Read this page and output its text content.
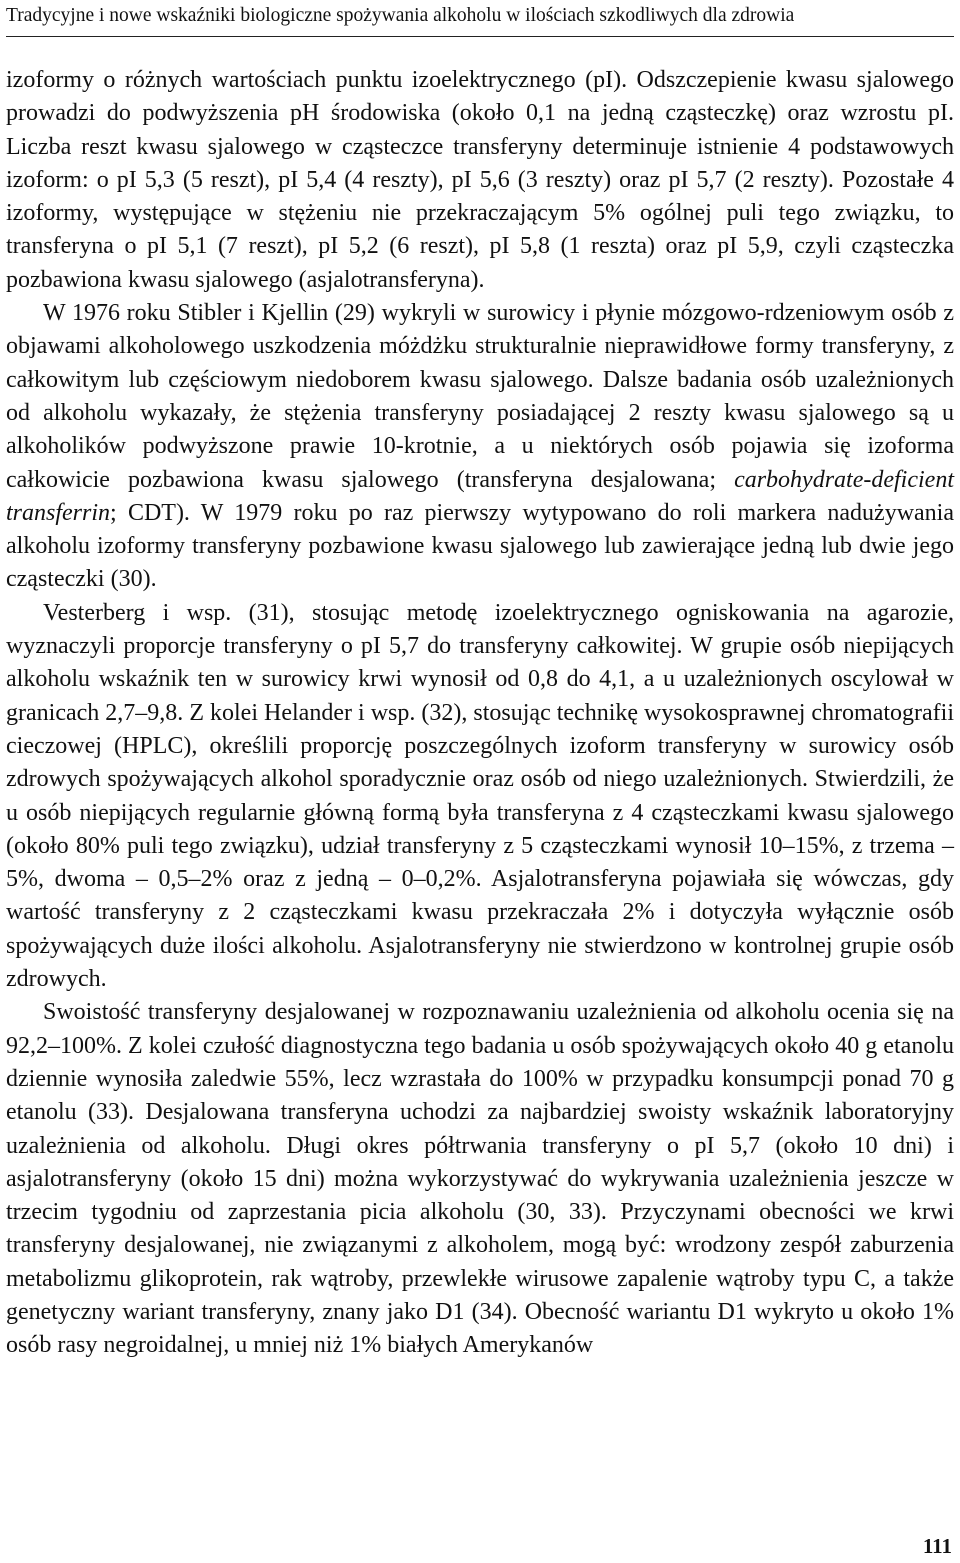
Tradycyjne i nowe wskaźniki biologiczne spożywania alkoholu w ilościach szkodliwych dla zdrowia

izoformy o różnych wartościach punktu izoelektrycznego (pI). Odszczepienie kwasu sjalowego prowadzi do podwyższenia pH środowiska (około 0,1 na jedną cząsteczkę) oraz wzrostu pI. Liczba reszt kwasu sjalowego w cząsteczce transferyny determinuje istnienie 4 podstawowych izoform: o pI 5,3 (5 reszt), pI 5,4 (4 reszty), pI 5,6 (3 reszty) oraz pI 5,7 (2 reszty). Pozostałe 4 izoformy, występujące w stężeniu nie przekraczającym 5% ogólnej puli tego związku, to transferyna o pI 5,1 (7 reszt), pI 5,2 (6 reszt), pI 5,8 (1 reszta) oraz pI 5,9, czyli cząsteczka pozbawiona kwasu sjalowego (asjalotransferyna).

W 1976 roku Stibler i Kjellin (29) wykryli w surowicy i płynie mózgowo-rdzeniowym osób z objawami alkoholowego uszkodzenia móżdżku strukturalnie nieprawidłowe formy transferyny, z całkowitym lub częściowym niedoborem kwasu sjalowego. Dalsze badania osób uzależnionych od alkoholu wykazały, że stężenia transferyny posiadającej 2 reszty kwasu sjalowego są u alkoholików podwyższone prawie 10-krotnie, a u niektórych osób pojawia się izoforma całkowicie pozbawiona kwasu sjalowego (transferyna desjalowana; carbohydrate-deficient transferrin; CDT). W 1979 roku po raz pierwszy wytypowano do roli markera nadużywania alkoholu izoformy transferyny pozbawione kwasu sjalowego lub zawierające jedną lub dwie jego cząsteczki (30).

Vesterberg i wsp. (31), stosując metodę izoelektrycznego ogniskowania na agarozie, wyznaczyli proporcje transferyny o pI 5,7 do transferyny całkowitej. W grupie osób niepijących alkoholu wskaźnik ten w surowicy krwi wynosił od 0,8 do 4,1, a u uzależnionych oscylował w granicach 2,7–9,8. Z kolei Helander i wsp. (32), stosując technikę wysokosprawnej chromatografii cieczowej (HPLC), określili proporcję poszczególnych izoform transferyny w surowicy osób zdrowych spożywających alkohol sporadycznie oraz osób od niego uzależnionych. Stwierdzili, że u osób niepijących regularnie główną formą była transferyna z 4 cząsteczkami kwasu sjalowego (około 80% puli tego związku), udział transferyny z 5 cząsteczkami wynosił 10–15%, z trzema – 5%, dwoma – 0,5–2% oraz z jedną – 0–0,2%. Asjalotransferyna pojawiała się wówczas, gdy wartość transferyny z 2 cząsteczkami kwasu przekraczała 2% i dotyczyła wyłącznie osób spożywających duże ilości alkoholu. Asjalotransferyny nie stwierdzono w kontrolnej grupie osób zdrowych.

Swoistość transferyny desjalowanej w rozpoznawaniu uzależnienia od alkoholu ocenia się na 92,2–100%. Z kolei czułość diagnostyczna tego badania u osób spożywających około 40 g etanolu dziennie wynosiła zaledwie 55%, lecz wzrastała do 100% w przypadku konsumpcji ponad 70 g etanolu (33). Desjalowana transferyna uchodzi za najbardziej swoisty wskaźnik laboratoryjny uzależnienia od alkoholu. Długi okres półtrwania transferyny o pI 5,7 (około 10 dni) i asjalotransferyny (około 15 dni) można wykorzystywać do wykrywania uzależnienia jeszcze w trzecim tygodniu od zaprzestania picia alkoholu (30, 33). Przyczynami obecności we krwi transferyny desjalowanej, nie związanymi z alkoholem, mogą być: wrodzony zespół zaburzenia metabolizmu glikoprotein, rak wątroby, przewlekłe wirusowe zapalenie wątroby typu C, a także genetyczny wariant transferyny, znany jako D1 (34). Obecność wariantu D1 wykryto u około 1% osób rasy negroidalnej, u mniej niż 1% białych Amerykanów

111
